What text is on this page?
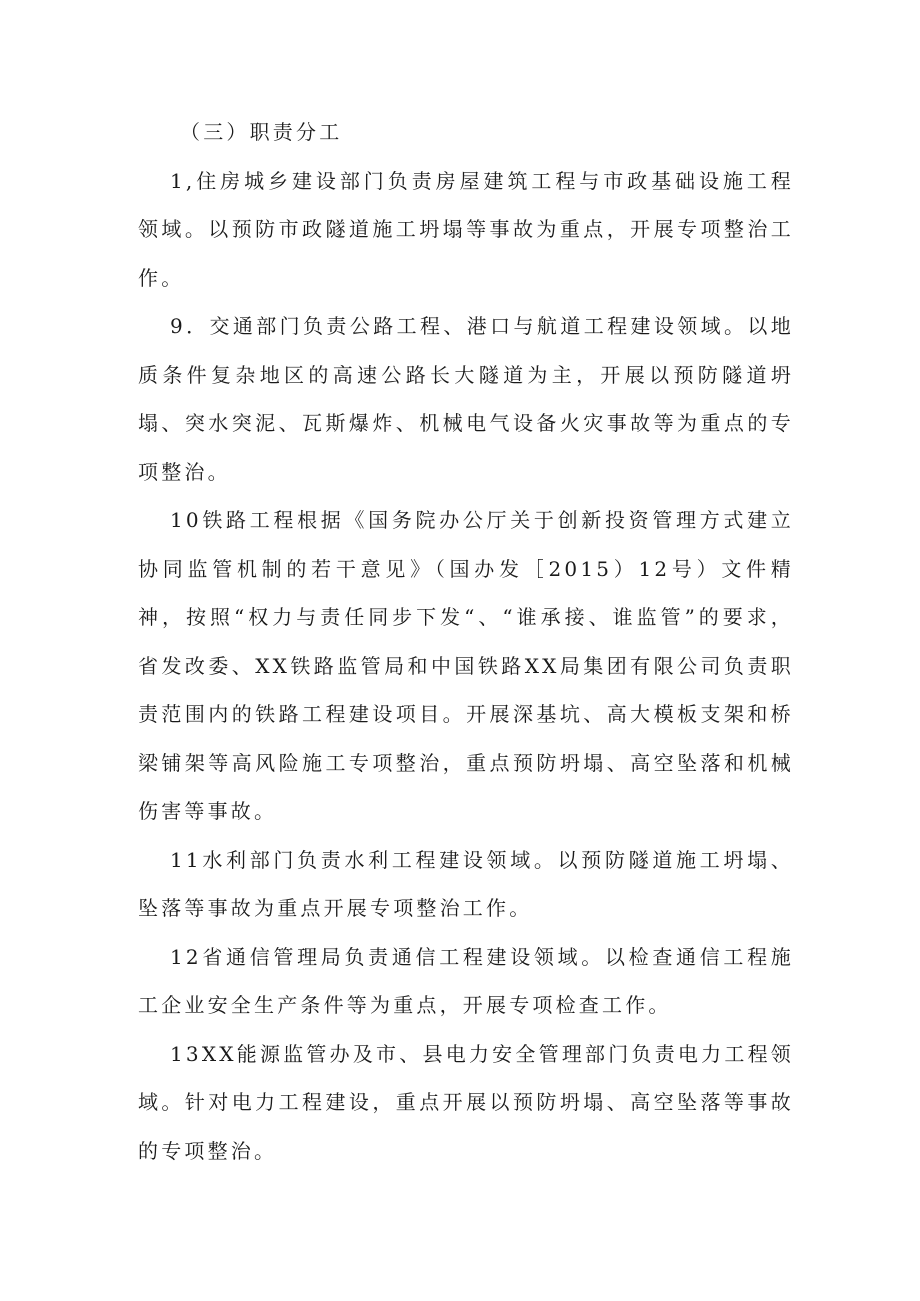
（三）职责分工

1,住房城乡建设部门负责房屋建筑工程与市政基础设施工程领域。以预防市政隧道施工坍塌等事故为重点，开展专项整治工作。

9．交通部门负责公路工程、港口与航道工程建设领域。以地质条件复杂地区的高速公路长大隧道为主，开展以预防隧道坍塌、突水突泥、瓦斯爆炸、机械电气设备火灾事故等为重点的专项整治。

10铁路工程根据《国务院办公厅关于创新投资管理方式建立协同监管机制的若干意见》（国办发［2015）12号）文件精神，按照“权力与责任同步下发“、“谁承接、谁监管”的要求，省发改委、XX铁路监管局和中国铁路XX局集团有限公司负责职责范围内的铁路工程建设项目。开展深基坑、高大模板支架和桥梁铺架等高风险施工专项整治，重点预防坍塌、高空坠落和机械伤害等事故。

11水利部门负责水利工程建设领域。以预防隧道施工坍塌、坠落等事故为重点开展专项整治工作。

12省通信管理局负责通信工程建设领域。以检查通信工程施工企业安全生产条件等为重点，开展专项检查工作。

13XX能源监管办及市、县电力安全管理部门负责电力工程领域。针对电力工程建设，重点开展以预防坍塌、高空坠落等事故的专项整治。
